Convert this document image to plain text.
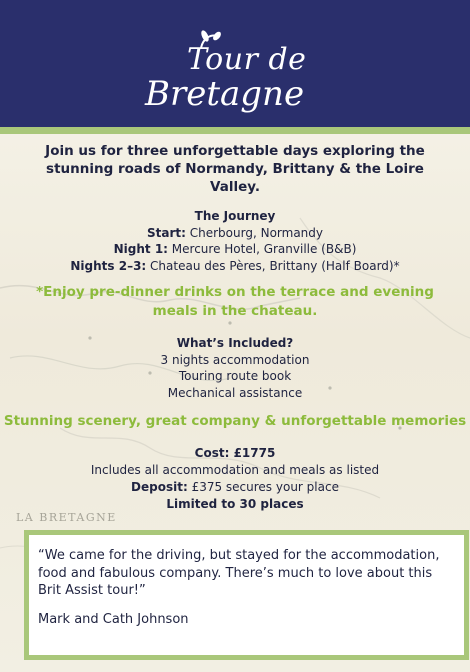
LA BRETAGNE
Tour de
Bretagne

Join us for three unforgettable days exploring the stunning roads of Normandy, Brittany & the Loire Valley.

The Journey

Start: Cherbourg, Normandy

Night 1: Mercure Hotel, Granville (B&B)

Nights 2–3: Chateau des Pères, Brittany (Half Board)*

*Enjoy pre-dinner drinks on the terrace and evening meals in the chateau.

What’s Included?

3 nights accommodation

Touring route book

Mechanical assistance

Stunning scenery, great company & unforgettable memories

Cost: £1775

Includes all accommodation and meals as listed

Deposit: £375 secures your place

Limited to 30 places

“We came for the driving, but stayed for the accommodation, food and fabulous company. There’s much to love about this Brit Assist tour!”

Mark and Cath Johnson
